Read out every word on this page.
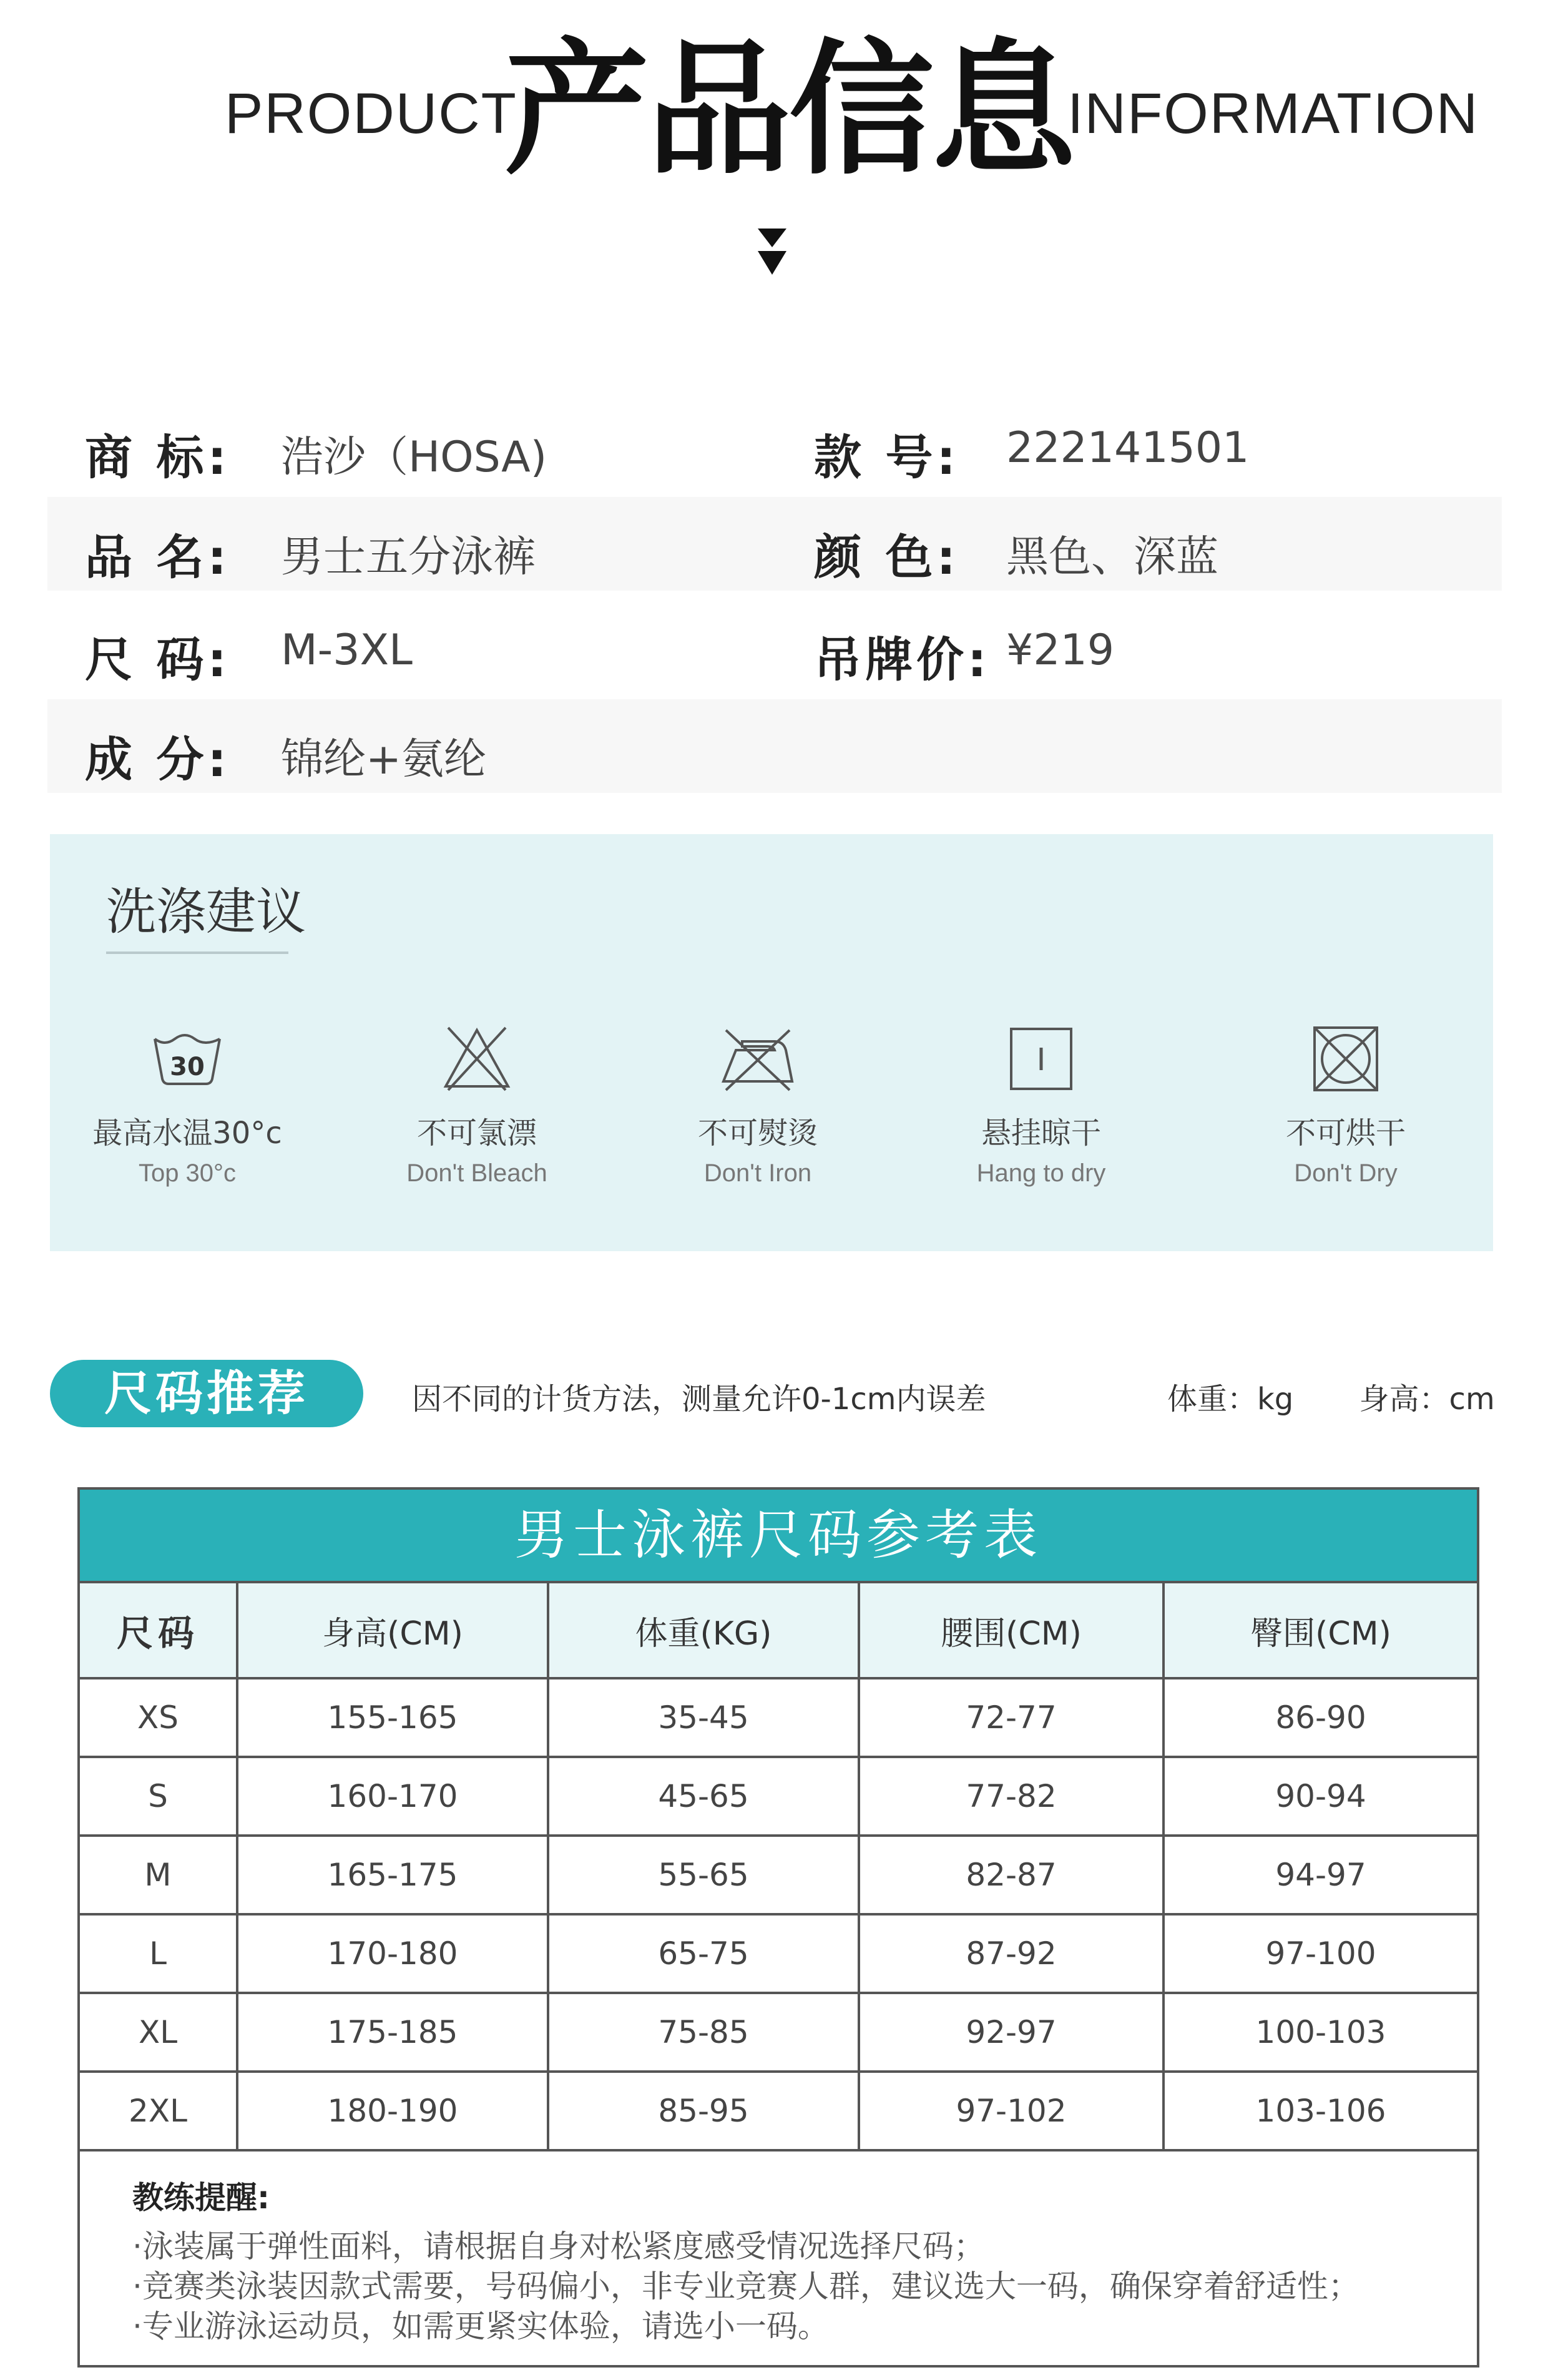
PRODUCT
产品信息
INFORMATION
商 标: 浩沙（HOSA)	款 号: 222141501
品 名: 男士五分泳裤	颜 色: 黑色、深蓝
尺 码: M-3XL	吊牌价: ¥219
成 分: 锦纶+氨纶
洗涤建议
30
最高水温30°c
Top 30°c
不可氯漂
Don't Bleach
不可熨烫
Don't Iron
悬挂晾干
Hang to dry
不可烘干
Don't Dry
尺码推荐	因不同的计货方法，测量允许0-1cm内误差	体重：kg 身高：cm
男士泳裤尺码参考表
尺码	身高(CM)	体重(KG)	腰围(CM)	臀围(CM)
XS	155-165	35-45	72-77	86-90
S	160-170	45-65	77-82	90-94
M	165-175	55-65	82-87	94-97
L	170-180	65-75	87-92	97-100
XL	175-185	75-85	92-97	100-103
2XL	180-190	85-95	97-102	103-106
教练提醒:
·泳装属于弹性面料，请根据自身对松紧度感受情况选择尺码；
·竞赛类泳装因款式需要，号码偏小，非专业竞赛人群，建议选大一码，确保穿着舒适性；
·专业游泳运动员，如需更紧实体验，请选小一码。
